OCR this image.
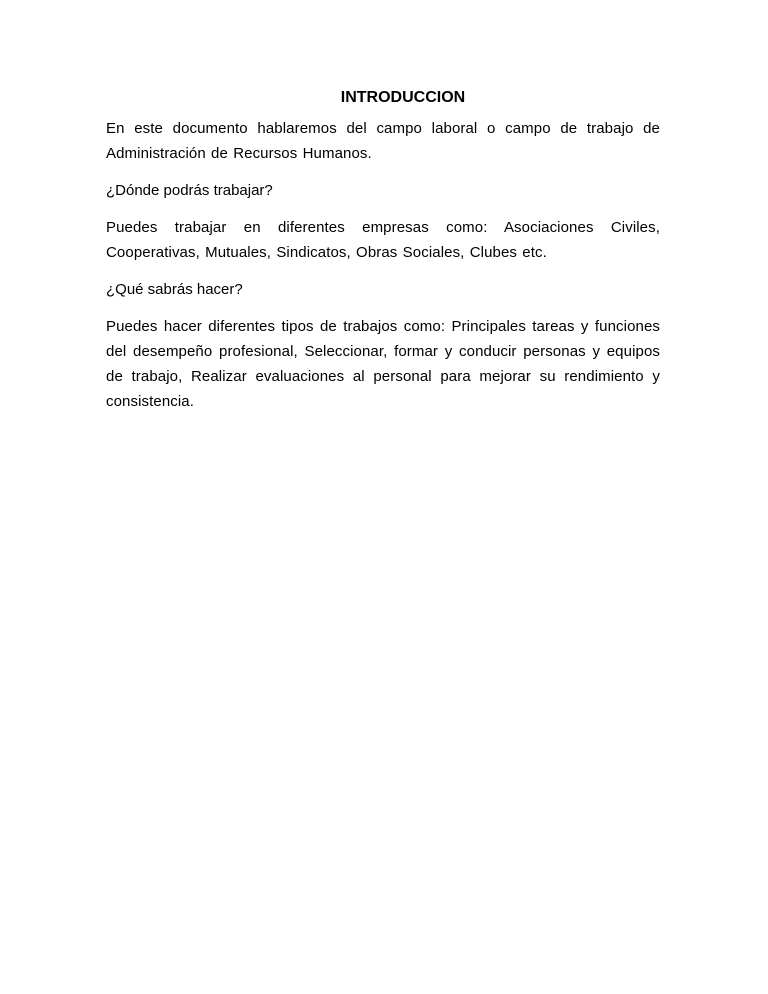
INTRODUCCION

En este documento hablaremos del campo laboral o campo de trabajo de Administración de Recursos Humanos.

¿Dónde podrás trabajar?

Puedes trabajar en diferentes empresas como: Asociaciones Civiles, Cooperativas, Mutuales, Sindicatos, Obras Sociales, Clubes etc.

¿Qué sabrás hacer?

Puedes hacer diferentes tipos de trabajos como: Principales tareas y funciones del desempeño profesional, Seleccionar, formar y conducir personas y equipos de trabajo, Realizar evaluaciones al personal para mejorar su rendimiento y consistencia.
